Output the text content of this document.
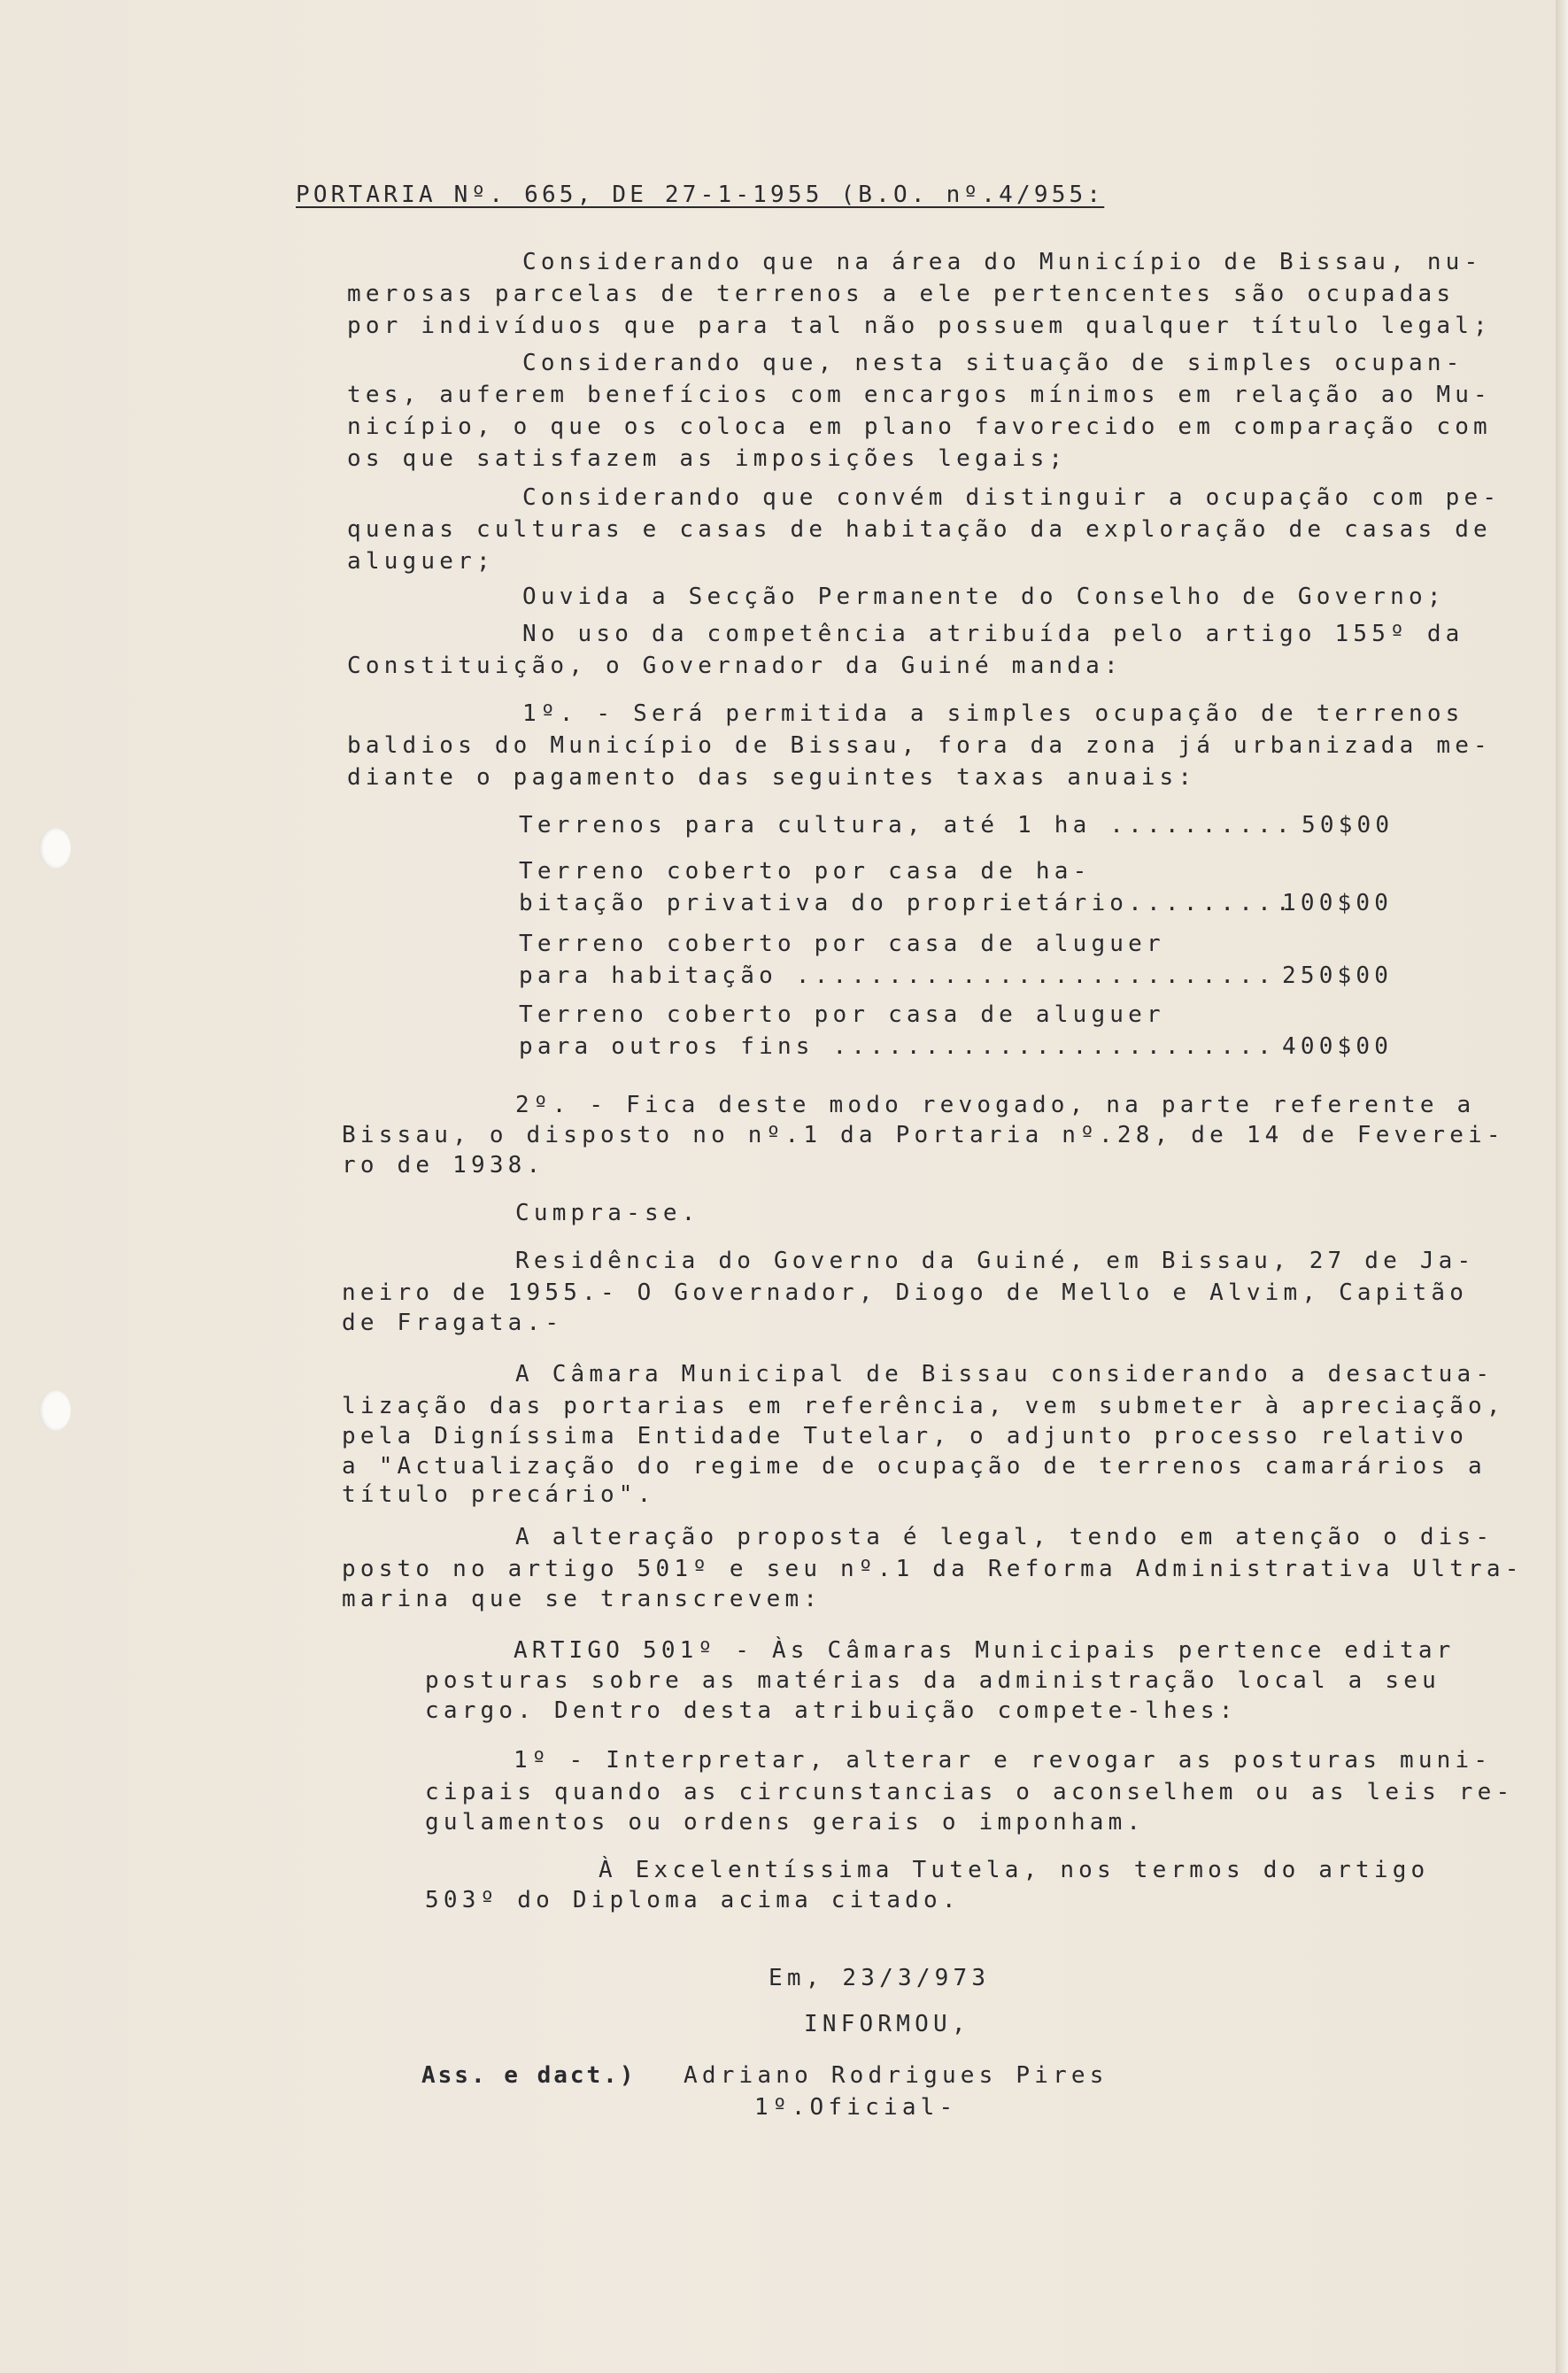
PORTARIA Nº. 665, DE 27-1-1955 (B.O. nº.4/955:

Considerando que na área do Município de Bissau, nu-

merosas parcelas de terrenos a ele pertencentes são ocupadas

por indivíduos que para tal não possuem qualquer título legal;

Considerando que, nesta situação de simples ocupan-

tes, auferem benefícios com encargos mínimos em relação ao Mu-

nicípio, o que os coloca em plano favorecido em comparação com

os que satisfazem as imposições legais;

Considerando que convém distinguir a ocupação com pe-

quenas culturas e casas de habitação da exploração de casas de

aluguer;

Ouvida a Secção Permanente do Conselho de Governo;

No uso da competência atribuída pelo artigo 155º da

Constituição, o Governador da Guiné manda:

1º. - Será permitida a simples ocupação de terrenos

baldios do Município de Bissau, fora da zona já urbanizada me-

diante o pagamento das seguintes taxas anuais:

Terrenos para cultura, até 1 ha .......... 50$00

Terreno coberto por casa de ha-

bitação privativa do proprietário.........

100$00

Terreno coberto por casa de aluguer

para habitação .......................... 250$00

Terreno coberto por casa de aluguer

para outros fins ........................ 400$00

2º. - Fica deste modo revogado, na parte referente a

Bissau, o disposto no nº.1 da Portaria nº.28, de 14 de Feverei-

ro de 1938.

Cumpra-se.

Residência do Governo da Guiné, em Bissau, 27 de Ja-

neiro de 1955.- O Governador, Diogo de Mello e Alvim, Capitão

de Fragata.-

A Câmara Municipal de Bissau considerando a desactua-

lização das portarias em referência, vem submeter à apreciação,

pela Digníssima Entidade Tutelar, o adjunto processo relativo

a "Actualização do regime de ocupação de terrenos camarários a

título precário".

A alteração proposta é legal, tendo em atenção o dis-

posto no artigo 501º e seu nº.1 da Reforma Administrativa Ultra-

marina que se transcrevem:

ARTIGO 501º - Às Câmaras Municipais pertence editar

posturas sobre as matérias da administração local a seu

cargo. Dentro desta atribuição compete-lhes:

1º - Interpretar, alterar e revogar as posturas muni-

cipais quando as circunstancias o aconselhem ou as leis re-

gulamentos ou ordens gerais o imponham.

À Excelentíssima Tutela, nos termos do artigo

503º do Diploma acima citado.

Em, 23/3/973

INFORMOU,

Ass. e dact.) Adriano Rodrigues Pires

1º.Oficial-
